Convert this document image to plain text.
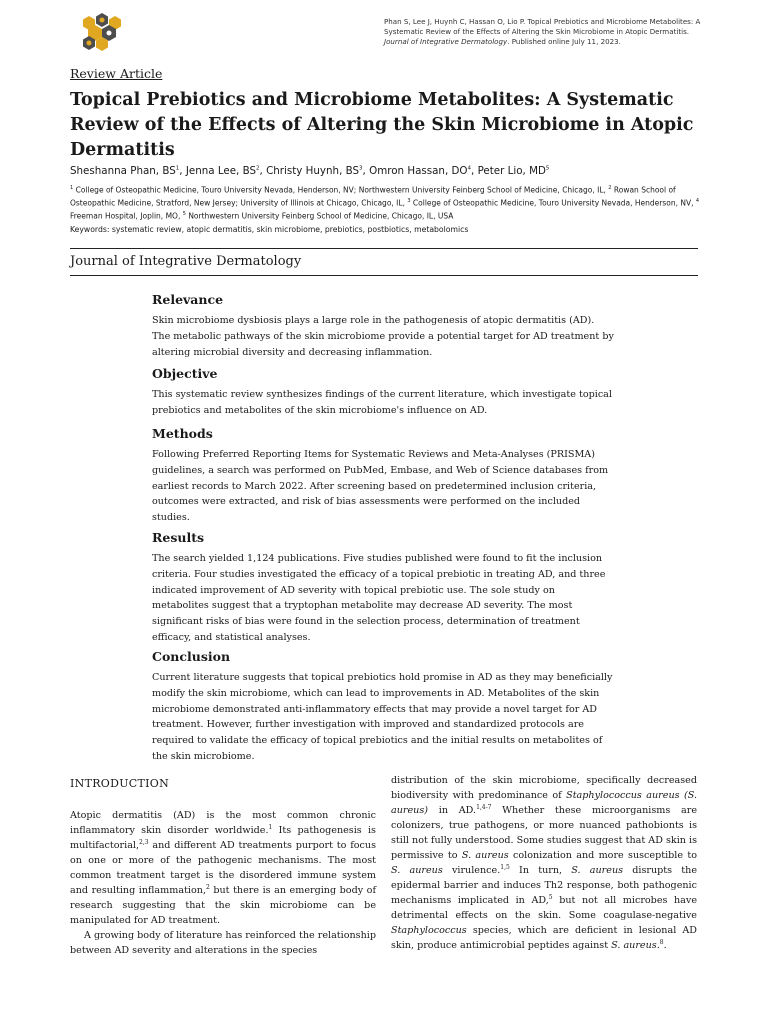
Phan S, Lee J, Huynh C, Hassan O, Lio P. Topical Prebiotics and Microbiome Metabolites: A Systematic Review of the Effects of Altering the Skin Microbiome in Atopic Dermatitis. Journal of Integrative Dermatology. Published online July 11, 2023.
Review Article
Topical Prebiotics and Microbiome Metabolites: A Systematic Review of the Effects of Altering the Skin Microbiome in Atopic Dermatitis
Sheshanna Phan, $BS^1$, Jenna Lee, $BS^2$, Christy Huynh, $BS^3$, Omron Hassan, $DO^4$, Peter Lio, $MD^5$
$^1$ College of Osteopathic Medicine, Touro University Nevada, Henderson, NV; Northwestern University Feinberg School of Medicine, Chicago, IL, $^2$ Rowan School of Osteopathic Medicine, Stratford, New Jersey; University of Illinois at Chicago, Chicago, IL, $^3$ College of Osteopathic Medicine, Touro University Nevada, Henderson, NV, $^4$ Freeman Hospital, Joplin, MO, $^5$ Northwestern University Feinberg School of Medicine, Chicago, IL, USA
Keywords: systematic review, atopic dermatitis, skin microbiome, prebiotics, postbiotics, metabolomics
Journal of Integrative Dermatology
Relevance

Skin microbiome dysbiosis plays a large role in the pathogenesis of atopic dermatitis (AD). The metabolic pathways of the skin microbiome provide a potential target for AD treatment by altering microbial diversity and decreasing inflammation.

Objective

This systematic review synthesizes findings of the current literature, which investigate topical prebiotics and metabolites of the skin microbiome's influence on AD.

Methods

Following Preferred Reporting Items for Systematic Reviews and Meta-Analyses (PRISMA) guidelines, a search was performed on PubMed, Embase, and Web of Science databases from earliest records to March 2022. After screening based on predetermined inclusion criteria, outcomes were extracted, and risk of bias assessments were performed on the included studies.

Results

The search yielded 1,124 publications. Five studies published were found to fit the inclusion criteria. Four studies investigated the efficacy of a topical prebiotic in treating AD, and three indicated improvement of AD severity with topical prebiotic use. The sole study on metabolites suggest that a tryptophan metabolite may decrease AD severity. The most significant risks of bias were found in the selection process, determination of treatment efficacy, and statistical analyses.

Conclusion

Current literature suggests that topical prebiotics hold promise in AD as they may beneficially modify the skin microbiome, which can lead to improvements in AD. Metabolites of the skin microbiome demonstrated anti-inflammatory effects that may provide a novel target for AD treatment. However, further investigation with improved and standardized protocols are required to validate the efficacy of topical prebiotics and the initial results on metabolites of the skin microbiome.

INTRODUCTION

Atopic dermatitis (AD) is the most common chronic inflammatory skin disorder worldwide.$^1$ Its pathogenesis is multifactorial,$^{2,3}$ and different AD treatments purport to focus on one or more of the pathogenic mechanisms. The most common treatment target is the disordered immune system and resulting inflammation,$^2$ but there is an emerging body of research suggesting that the skin microbiome can be manipulated for AD treatment.

A growing body of literature has reinforced the relationship between AD severity and alterations in the species

distribution of the skin microbiome, specifically decreased biodiversity with predominance of Staphylococcus aureus (S. aureus) in AD.$^{1,4-7}$ Whether these microorganisms are colonizers, true pathogens, or more nuanced pathobionts is still not fully understood. Some studies suggest that AD skin is permissive to S. aureus colonization and more susceptible to S. aureus virulence.$^{1,5}$ In turn, S. aureus disrupts the epidermal barrier and induces Th2 response, both pathogenic mechanisms implicated in AD,$^5$ but not all microbes have detrimental effects on the skin. Some coagulase-negative Staphylococcus species, which are deficient in lesional AD skin, produce antimicrobial peptides against S. aureus.$^8$.
